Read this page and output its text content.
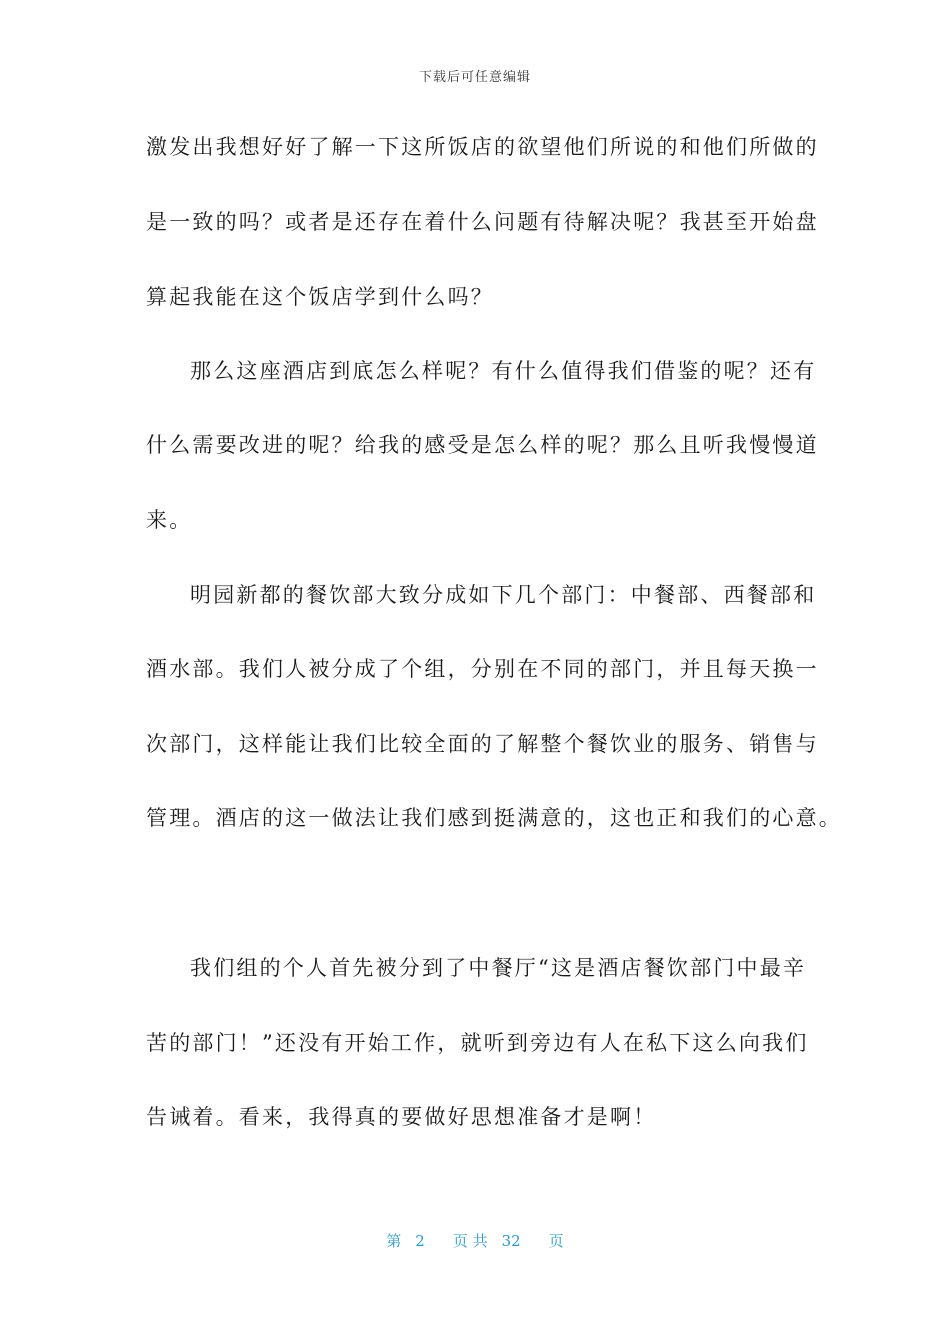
下载后可任意编辑
激发出我想好好了解一下这所饭店的欲望他们所说的和他们所做的
是一致的吗？或者是还存在着什么问题有待解决呢？我甚至开始盘
算起我能在这个饭店学到什么吗？
那么这座酒店到底怎么样呢？有什么值得我们借鉴的呢？还有
什么需要改进的呢？给我的感受是怎么样的呢？那么且听我慢慢道
来。
明园新都的餐饮部大致分成如下几个部门：中餐部、西餐部和
酒水部。我们人被分成了个组，分别在不同的部门，并且每天换一
次部门，这样能让我们比较全面的了解整个餐饮业的服务、销售与
管理。酒店的这一做法让我们感到挺满意的，这也正和我们的心意。
我们组的个人首先被分到了中餐厅“这是酒店餐饮部门中最辛
苦的部门！”还没有开始工作，就听到旁边有人在私下这么向我们
告诫着。看来，我得真的要做好思想准备才是啊！
第 2 页 共 32 页
